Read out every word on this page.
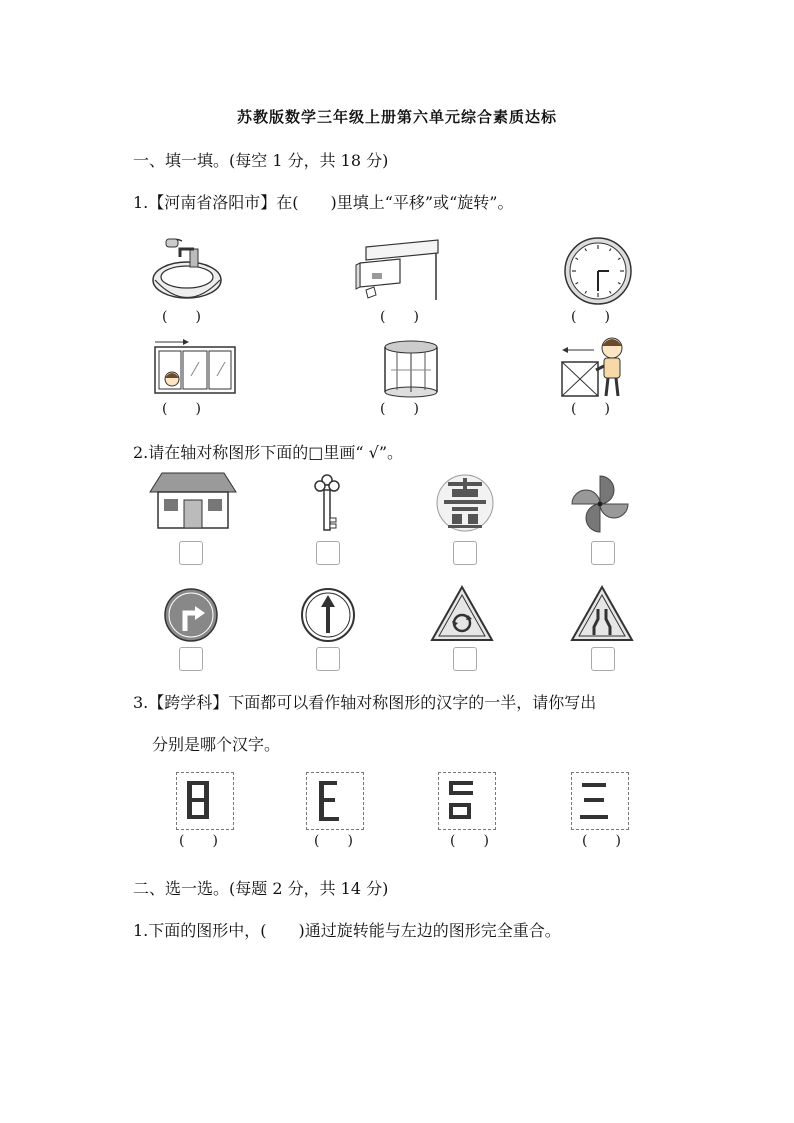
苏教版数学三年级上册第六单元综合素质达标
一、填一填。(每空 1 分，共 18 分)
1.【河南省洛阳市】在(　　)里填上“平移”或“旋转”。
(　　)	(　　)	(　　)
(　　)	(　　)	(　　)
2.请在轴对称图形下面的□里画“ √”。
3.【跨学科】下面都可以看作轴对称图形的汉字的一半，请你写出
分别是哪个汉字。
(　　)	(　　)	(　　)	(　　)
二、选一选。(每题 2 分，共 14 分)
1.下面的图形中，(　　)通过旋转能与左边的图形完全重合。
